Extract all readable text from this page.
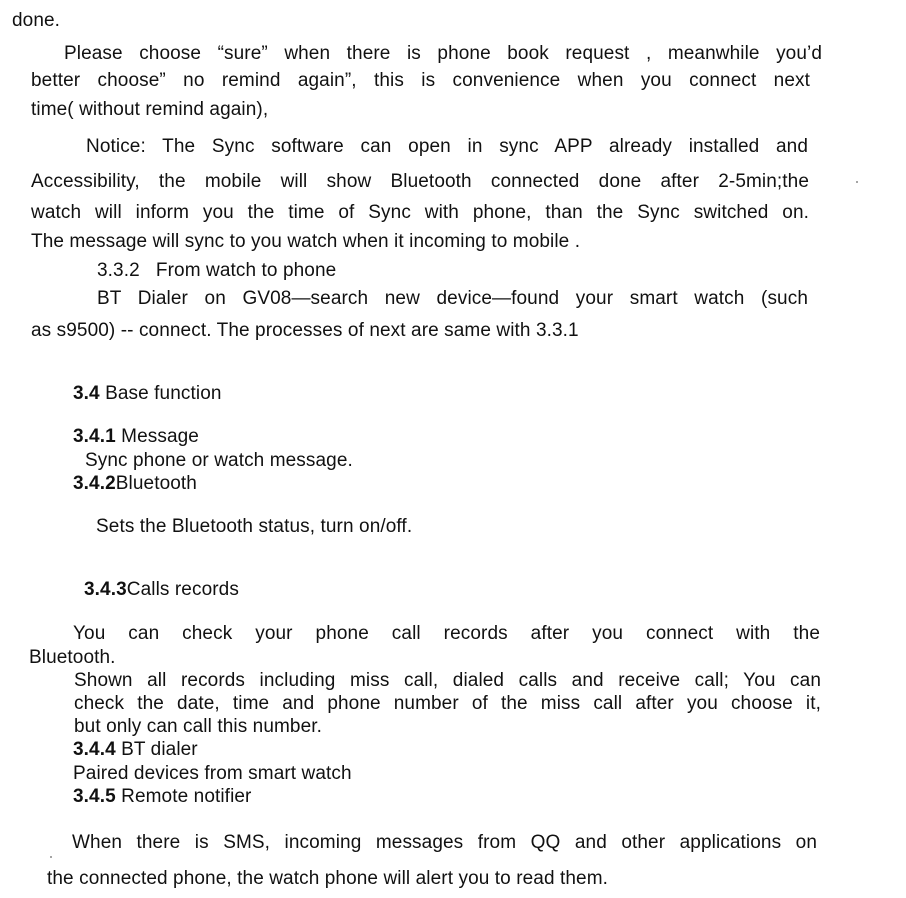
done.
Please choose “sure” when there is phone book request , meanwhile you’d
better choose” no remind again”, this is convenience when you connect next
time( without remind again),
Notice: The Sync software can open in sync APP already installed and
Accessibility, the mobile will show Bluetooth connected done after 2-5min;the
watch will inform you the time of Sync with phone, than the Sync switched on.
The message will sync to you watch when it incoming to mobile .
3.3.2   From watch to phone
BT Dialer on GV08—search new device—found your smart watch (such
as s9500) -- connect. The processes of next are same with 3.3.1
3.4 Base function
3.4.1 Message
Sync phone or watch message.
3.4.2Bluetooth
Sets the Bluetooth status, turn on/off.
3.4.3Calls records
You can check your phone call records after you connect with the
Bluetooth.
Shown all records including miss call, dialed calls and receive call; You can
check the date, time and phone number of the miss call after you choose it,
but only can call this number.
3.4.4 BT dialer
Paired devices from smart watch
3.4.5 Remote notifier
When there is SMS, incoming messages from QQ and other applications on
the connected phone, the watch phone will alert you to read them.
